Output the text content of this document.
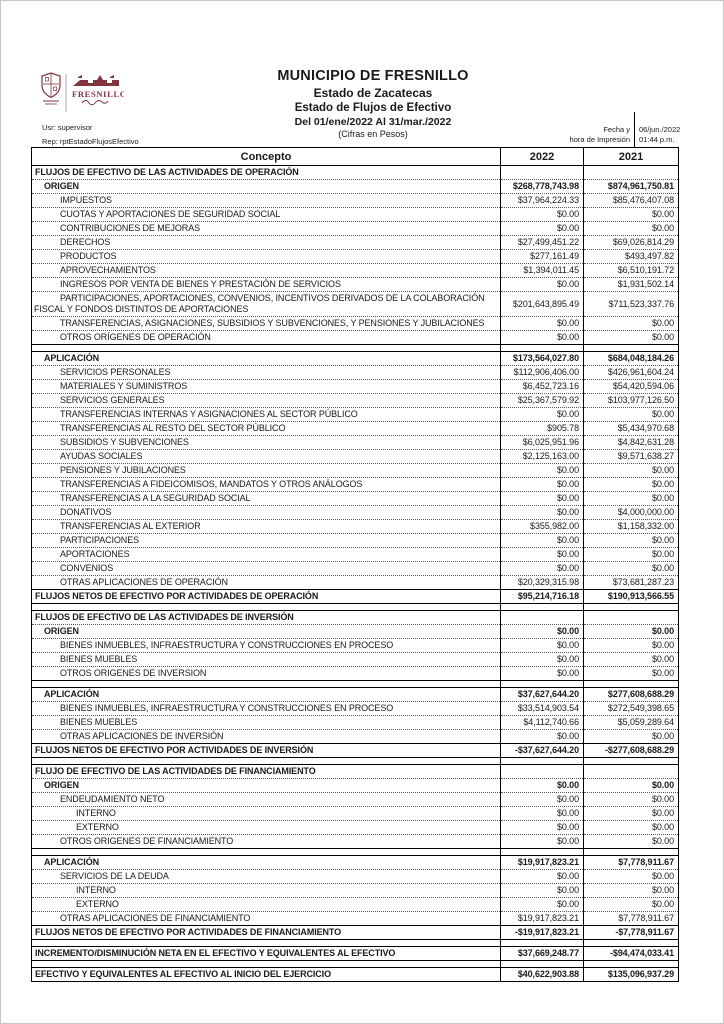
FRESNILLO
MUNICIPIO DE FRESNILLO
Estado de Zacatecas
Estado de Flujos de Efectivo
Del 01/ene/2022 Al 31/mar./2022
(Cifras en Pesos)
Usr: supervisor
Rep: rptEstadoFlujosEfectivo
Fecha y
hora de Impresión
06/jun./2022
01:44 p.m.
Concepto	2022	2021
FLUJOS DE EFECTIVO DE LAS ACTIVIDADES DE OPERACIÓN		
ORIGEN	$268,778,743.98	$874,961,750.81
IMPUESTOS	$37,964,224.33	$85,476,407.08
CUOTAS Y APORTACIONES DE SEGURIDAD SOCIAL	$0.00	$0.00
CONTRIBUCIONES DE MEJORAS	$0.00	$0.00
DERECHOS	$27,499,451.22	$69,026,814.29
PRODUCTOS	$277,161.49	$493,497.82
APROVECHAMIENTOS	$1,394,011.45	$6,510,191.72
INGRESOS POR VENTA DE BIENES Y PRESTACIÓN DE SERVICIOS	$0.00	$1,931,502.14
PARTICIPACIONES, APORTACIONES, CONVENIOS, INCENTIVOS DERIVADOS DE LA COLABORACIÓN FISCAL Y FONDOS DISTINTOS DE APORTACIONES	$201,643,895.49	$711,523,337.76
TRANSFERENCIAS, ASIGNACIONES, SUBSIDIOS Y SUBVENCIONES, Y PENSIONES Y JUBILACIONES	$0.00	$0.00
OTROS ORÍGENES DE OPERACIÓN	$0.00	$0.00

APLICACIÓN	$173,564,027.80	$684,048,184.26
SERVICIOS PERSONALES	$112,906,406.00	$426,961,604.24
MATERIALES Y SUMINISTROS	$6,452,723.16	$54,420,594.06
SERVICIOS GENERALES	$25,367,579.92	$103,977,126.50
TRANSFERENCIAS INTERNAS Y ASIGNACIONES AL SECTOR PÚBLICO	$0.00	$0.00
TRANSFERENCIAS AL RESTO DEL SECTOR PÚBLICO	$905.78	$5,434,970.68
SUBSIDIOS Y SUBVENCIONES	$6,025,951.96	$4,842,631.28
AYUDAS SOCIALES	$2,125,163.00	$9,571,638.27
PENSIONES Y JUBILACIONES	$0.00	$0.00
TRANSFERENCIAS A FIDEICOMISOS, MANDATOS Y OTROS ANÁLOGOS	$0.00	$0.00
TRANSFERENCIAS A LA SEGURIDAD SOCIAL	$0.00	$0.00
DONATIVOS	$0.00	$4,000,000.00
TRANSFERENCIAS AL EXTERIOR	$355,982.00	$1,158,332.00
PARTICIPACIONES	$0.00	$0.00
APORTACIONES	$0.00	$0.00
CONVENIOS	$0.00	$0.00
OTRAS APLICACIONES DE OPERACIÓN	$20,329,315.98	$73,681,287.23
FLUJOS NETOS DE EFECTIVO POR ACTIVIDADES DE OPERACIÓN	$95,214,716.18	$190,913,566.55

FLUJOS DE EFECTIVO DE LAS ACTIVIDADES DE INVERSIÓN		
ORIGEN	$0.00	$0.00
BIENES INMUEBLES, INFRAESTRUCTURA Y CONSTRUCCIONES EN PROCESO	$0.00	$0.00
BIENES MUEBLES	$0.00	$0.00
OTROS ORIGENES DE INVERSION	$0.00	$0.00

APLICACIÓN	$37,627,644.20	$277,608,688.29
BIENES INMUEBLES, INFRAESTRUCTURA Y CONSTRUCCIONES EN PROCESO	$33,514,903.54	$272,549,398.65
BIENES MUEBLES	$4,112,740.66	$5,059,289.64
OTRAS APLICACIONES DE INVERSIÓN	$0.00	$0.00
FLUJOS NETOS DE EFECTIVO POR ACTIVIDADES DE INVERSIÓN	-$37,627,644.20	-$277,608,688.29

FLUJO DE EFECTIVO DE LAS ACTIVIDADES DE FINANCIAMIENTO		
ORIGEN	$0.00	$0.00
ENDEUDAMIENTO NETO	$0.00	$0.00
INTERNO	$0.00	$0.00
EXTERNO	$0.00	$0.00
OTROS ORIGENES DE FINANCIAMIENTO	$0.00	$0.00

APLICACIÓN	$19,917,823.21	$7,778,911.67
SERVICIOS DE LA DEUDA	$0.00	$0.00
INTERNO	$0.00	$0.00
EXTERNO	$0.00	$0.00
OTRAS APLICACIONES DE FINANCIAMIENTO	$19,917,823.21	$7,778,911.67
FLUJOS NETOS DE EFECTIVO POR ACTIVIDADES DE FINANCIAMIENTO	-$19,917,823.21	-$7,778,911.67

INCREMENTO/DISMINUCIÓN NETA EN EL EFECTIVO Y EQUIVALENTES AL EFECTIVO	$37,669,248.77	-$94,474,033.41

EFECTIVO Y EQUIVALENTES AL EFECTIVO AL INICIO DEL EJERCICIO	$40,622,903.88	$135,096,937.29
